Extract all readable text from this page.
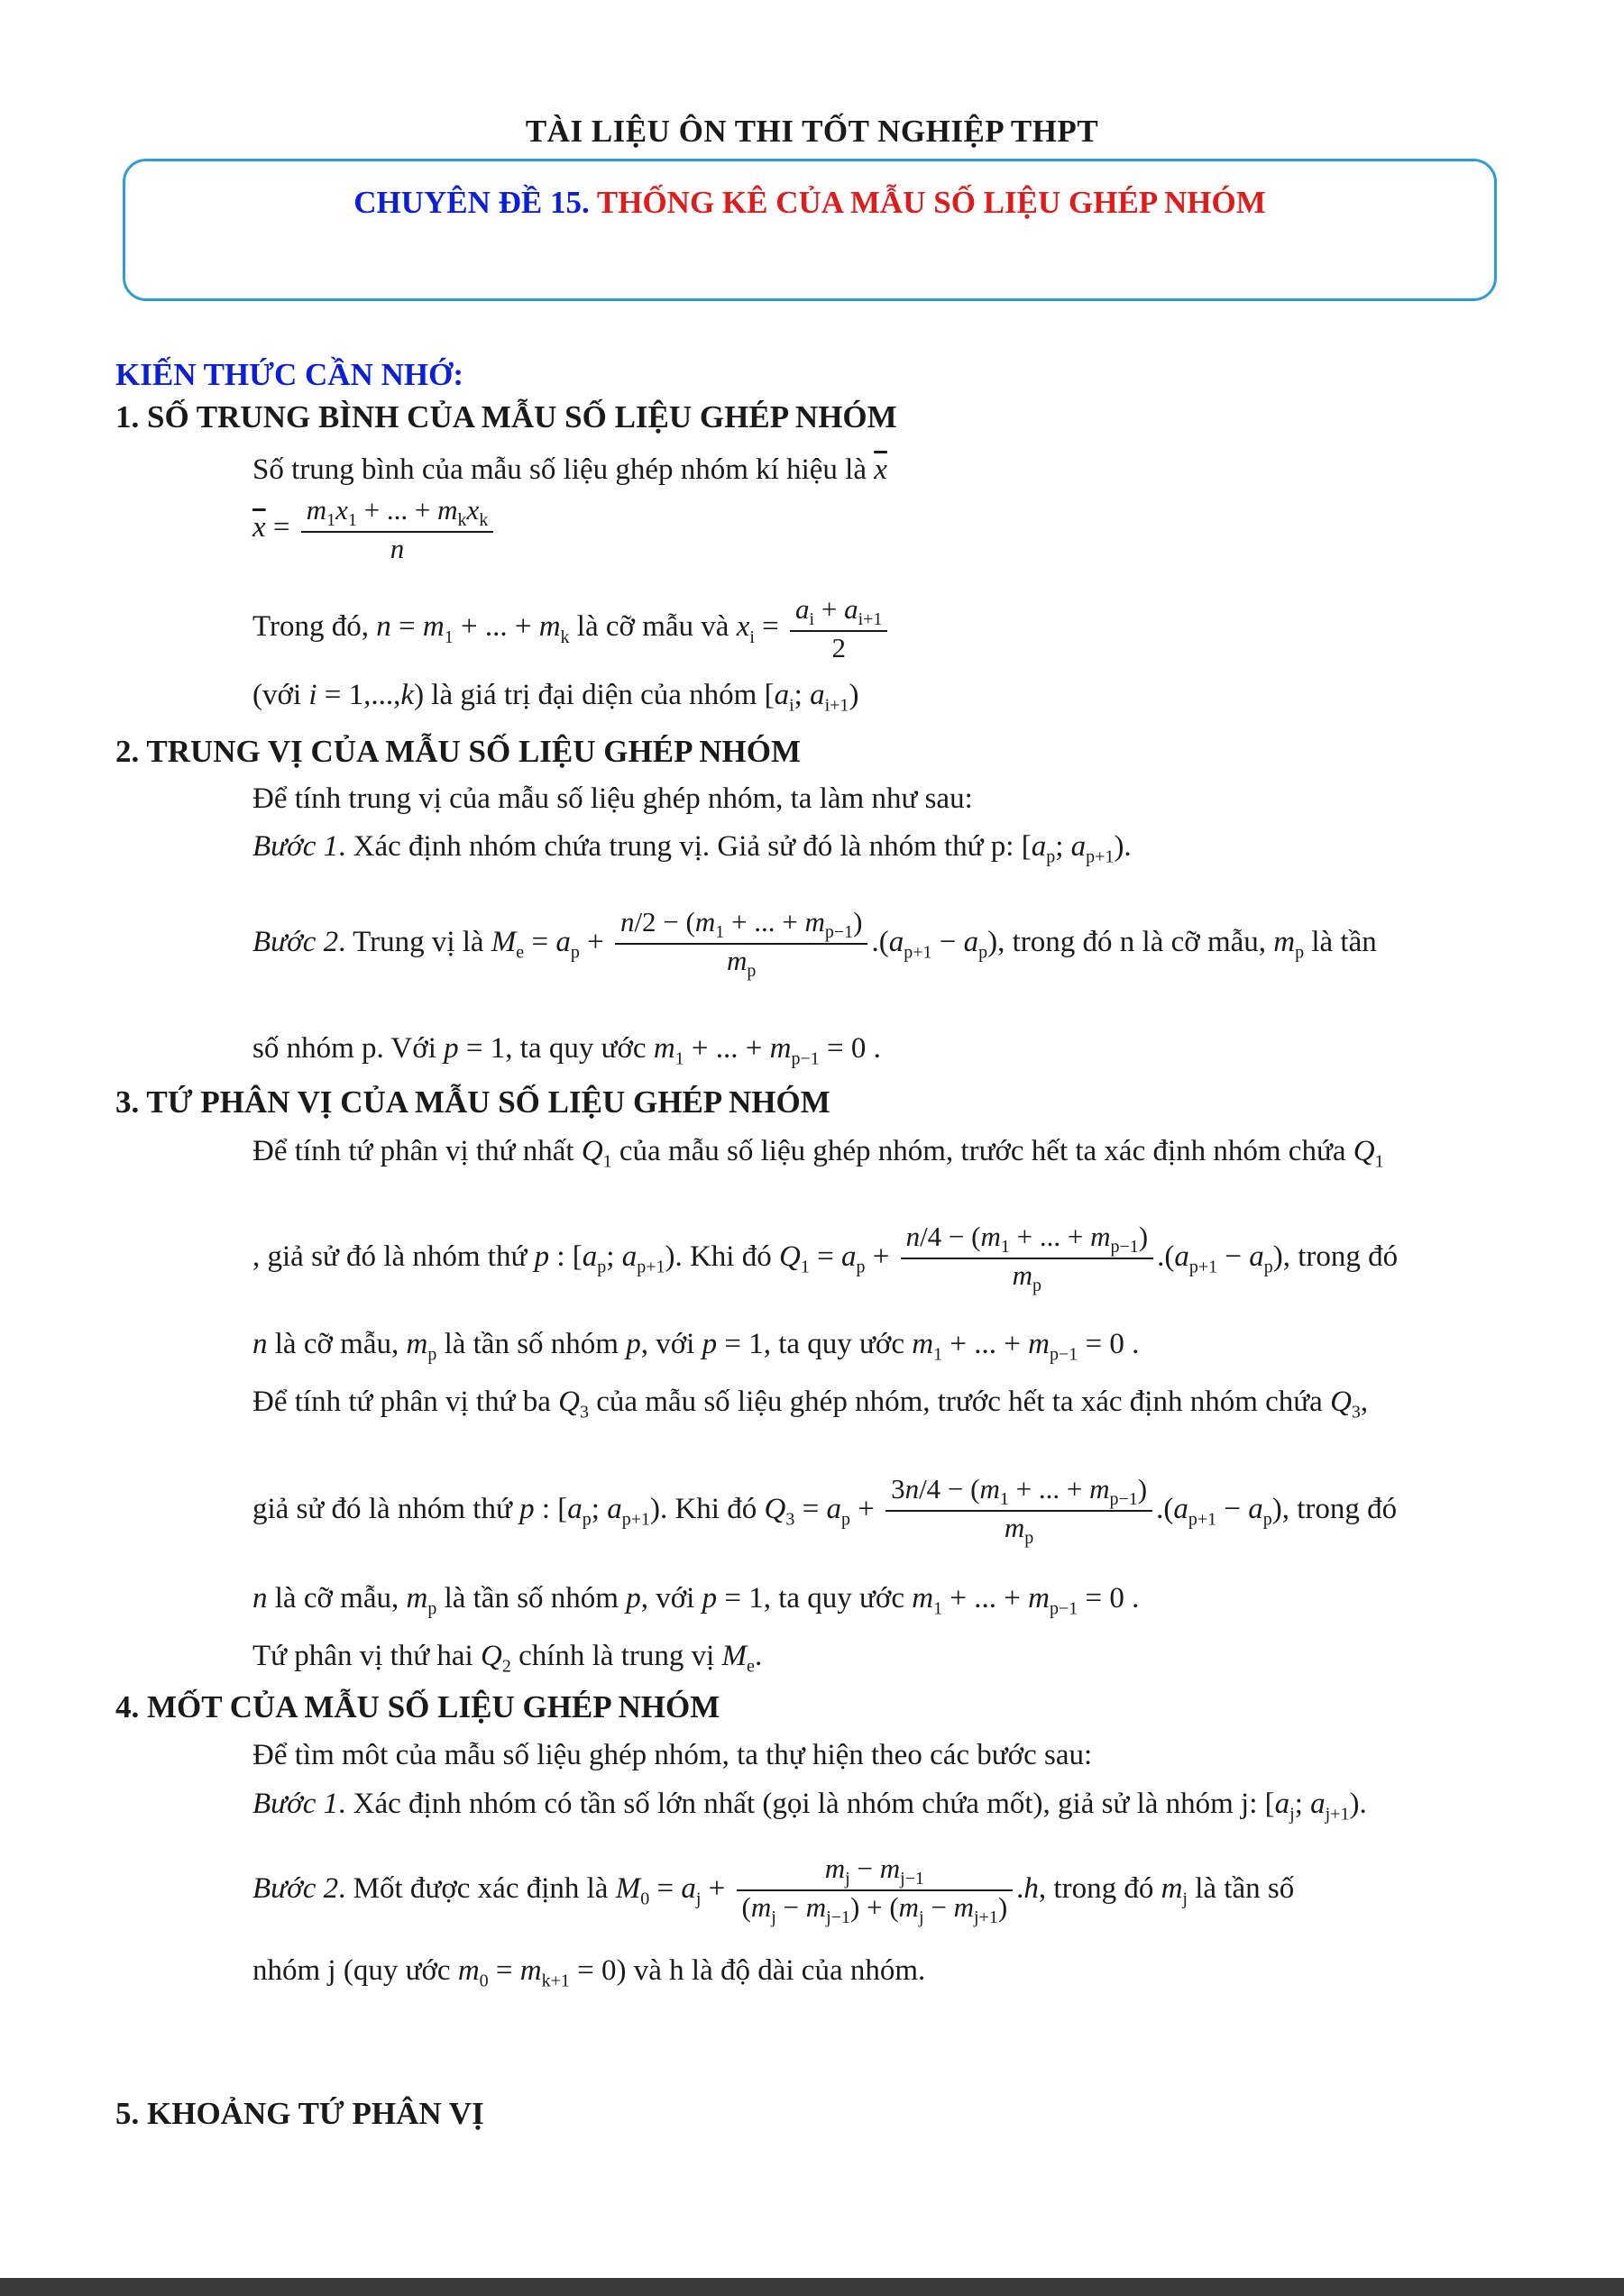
TÀI LIỆU ÔN THI TỐT NGHIỆP THPT
CHUYÊN ĐỀ 15. THỐNG KÊ CỦA MẪU SỐ LIỆU GHÉP NHÓM
KIẾN THỨC CẦN NHỚ:
1. SỐ TRUNG BÌNH CỦA MẪU SỐ LIỆU GHÉP NHÓM
Số trung bình của mẫu số liệu ghép nhóm kí hiệu là $\overline{x}$
$\overline{x} = \frac{m_1x_1 + ... + m_kx_k}{n}$
Trong đó, $n = m_1$ + ... + $m_k$ là cỡ mẫu và $x_i = \frac{a_i + a_{i+1}}{2}$
(với i = 1,...,k) là giá trị đại diện của nhóm [$a_i$; $a_{i+1}$)
2. TRUNG VỊ CỦA MẪU SỐ LIỆU GHÉP NHÓM
Để tính trung vị của mẫu số liệu ghép nhóm, ta làm như sau:
Bước 1. Xác định nhóm chứa trung vị. Giả sử đó là nhóm thứ p: [$a_p$; $a_{p+1}$).
Bước 2. Trung vị là $M_e = a_p + \frac{n/2 - (m_1 + ... + m_{p-1})}{m_p} .(a_{p+1} - a_p)$, trong đó n là cỡ mẫu, $m_p$ là tần
số nhóm p. Với p = 1, ta quy ước $m_1$ + ... + $m_{p-1} = 0$ .
3. TỨ PHÂN VỊ CỦA MẪU SỐ LIỆU GHÉP NHÓM
Để tính tứ phân vị thứ nhất $Q_1$ của mẫu số liệu ghép nhóm, trước hết ta xác định nhóm chứa $Q_1$
, giả sử đó là nhóm thứ p : [$a_p$; $a_{p+1}$). Khi đó $Q_1 = a_p + \frac{n/4 - (m_1 + ... + m_{p-1})}{m_p} .(a_{p+1} - a_p)$, trong đó
n là cỡ mẫu, $m_p$ là tần số nhóm p, với p = 1, ta quy ước $m_1$ + ... + $m_{p-1} = 0$ .
Để tính tứ phân vị thứ ba $Q_3$ của mẫu số liệu ghép nhóm, trước hết ta xác định nhóm chứa $Q_3$,
giả sử đó là nhóm thứ p : [$a_p$; $a_{p+1}$). Khi đó $Q_3 = a_p + \frac{3n/4 - (m_1 + ... + m_{p-1})}{m_p} .(a_{p+1} - a_p)$, trong đó
n là cỡ mẫu, $m_p$ là tần số nhóm p, với p = 1, ta quy ước $m_1$ + ... + $m_{p-1} = 0$ .
Tứ phân vị thứ hai $Q_2$ chính là trung vị $M_e$.
4. MỐT CỦA MẪU SỐ LIỆU GHÉP NHÓM
Để tìm môt của mẫu số liệu ghép nhóm, ta thự hiện theo các bước sau:
Bước 1. Xác định nhóm có tần số lớn nhất (gọi là nhóm chứa mốt), giả sử là nhóm j: [$a_j$; $a_{j+1}$).
Bước 2. Mốt được xác định là $M_0 = a_j + \frac{m_j - m_{j-1}}{(m_j - m_{j-1}) + (m_j - m_{j+1})} .h$, trong đó $m_j$ là tần số
nhóm j (quy ước $m_0 = m_{k+1} = 0$) và h là độ dài của nhóm.
5. KHOẢNG TỨ PHÂN VỊ
